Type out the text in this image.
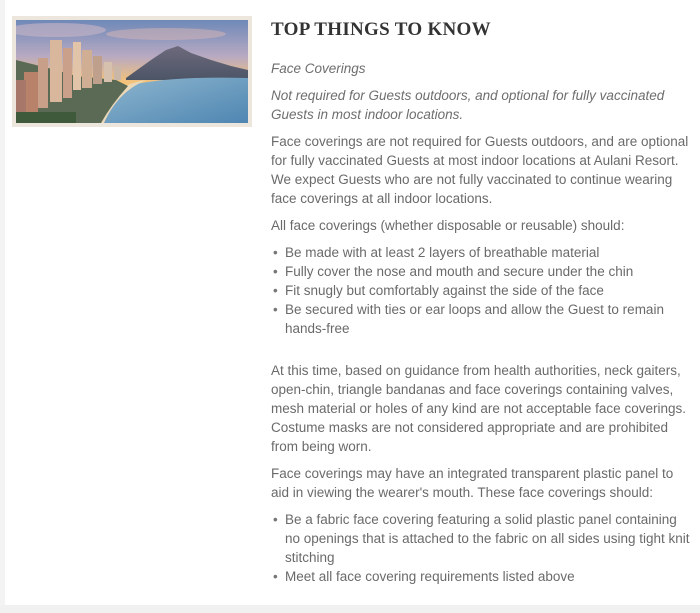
TOP THINGS TO KNOW

Face Coverings

Not required for Guests outdoors, and optional for fully vaccinated Guests in most indoor locations.

Face coverings are not required for Guests outdoors, and are optional for fully vaccinated Guests at most indoor locations at Aulani Resort. We expect Guests who are not fully vaccinated to continue wearing face coverings at all indoor locations.

All face coverings (whether disposable or reusable) should:

• Be made with at least 2 layers of breathable material
• Fully cover the nose and mouth and secure under the chin
• Fit snugly but comfortably against the side of the face
• Be secured with ties or ear loops and allow the Guest to remain hands-free

At this time, based on guidance from health authorities, neck gaiters, open-chin, triangle bandanas and face coverings containing valves, mesh material or holes of any kind are not acceptable face coverings.

Costume masks are not considered appropriate and are prohibited from being worn.

Face coverings may have an integrated transparent plastic panel to aid in viewing the wearer's mouth. These face coverings should:

• Be a fabric face covering featuring a solid plastic panel containing no openings that is attached to the fabric on all sides using tight knit stitching
• Meet all face covering requirements listed above
